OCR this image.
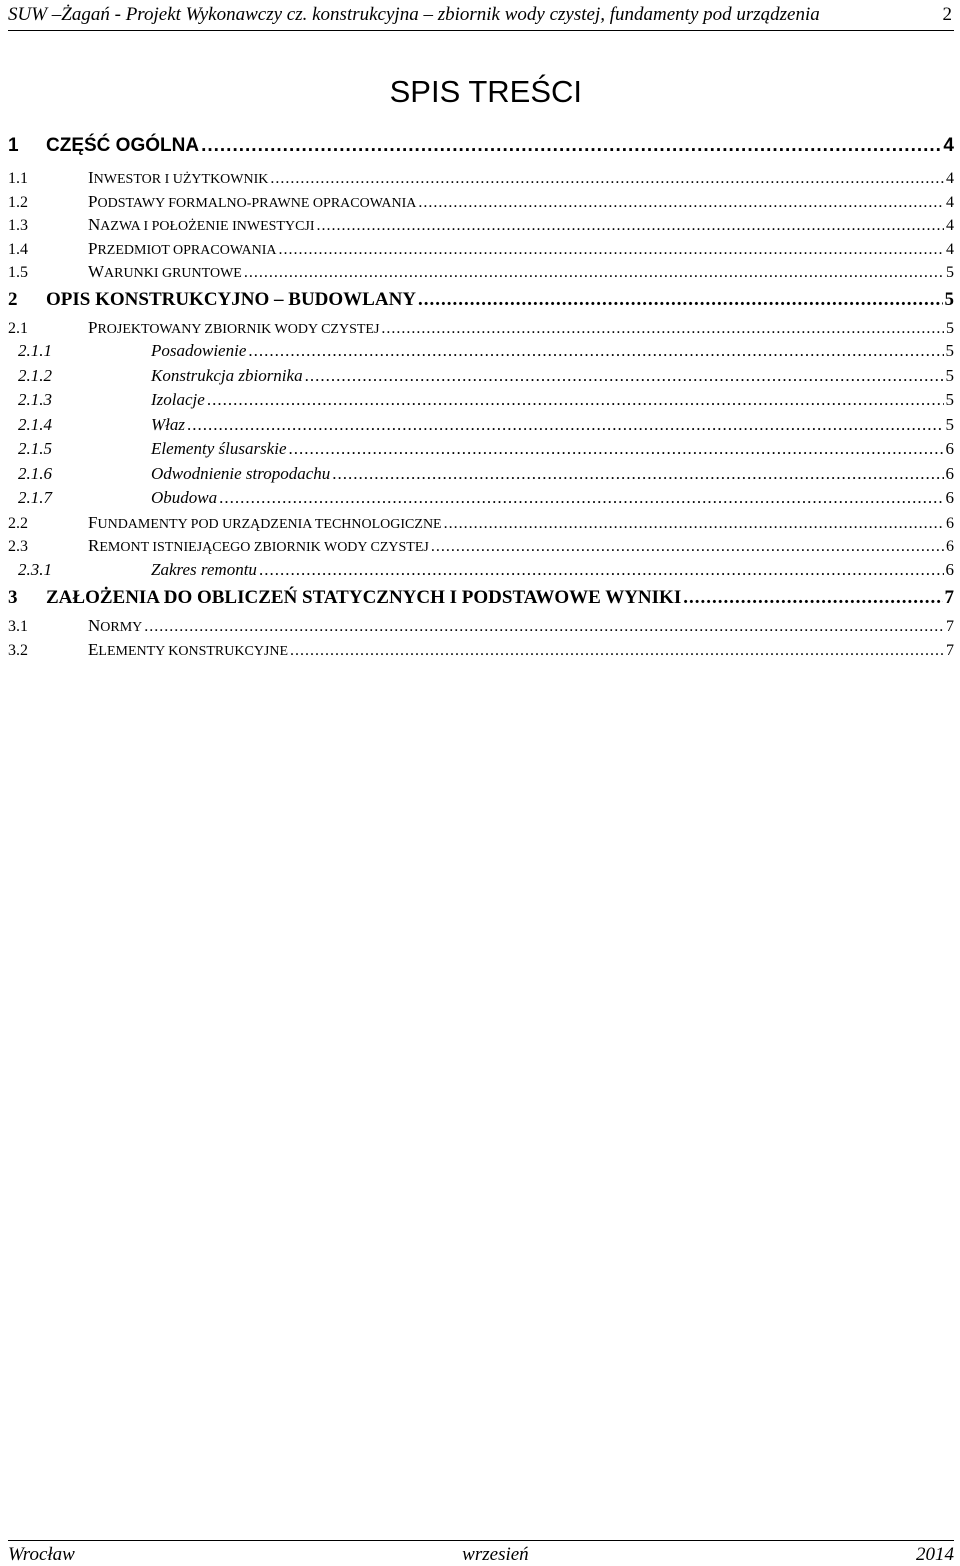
SUW –Żagań - Projekt Wykonawczy cz. konstrukcyjna – zbiornik wody czystej, fundamenty pod urządzenia	2
SPIS TREŚCI
1	CZĘŚĆ OGÓLNA .....	4
1.1	INWESTOR I UŻYTKOWNIK .....	4
1.2	PODSTAWY FORMALNO-PRAWNE OPRACOWANIA .....	4
1.3	NAZWA I POŁOŻENIE INWESTYCJI .....	4
1.4	PRZEDMIOT OPRACOWANIA .....	4
1.5	WARUNKI GRUNTOWE .....	5
2	OPIS KONSTRUKCYJNO – BUDOWLANY .....	5
2.1	PROJEKTOWANY ZBIORNIK WODY CZYSTEJ .....	5
2.1.1	Posadowienie .....	5
2.1.2	Konstrukcja zbiornika .....	5
2.1.3	Izolacje .....	5
2.1.4	Właz .....	5
2.1.5	Elementy ślusarskie .....	6
2.1.6	Odwodnienie stropodachu .....	6
2.1.7	Obudowa .....	6
2.2	FUNDAMENTY POD URZĄDZENIA TECHNOLOGICZNE .....	6
2.3	REMONT ISTNIEJĄCEGO ZBIORNIK WODY CZYSTEJ .....	6
2.3.1	Zakres remontu .....	6
3	ZAŁOŻENIA DO OBLICZEŃ STATYCZNYCH I PODSTAWOWE WYNIKI .....	7
3.1	NORMY .....	7
3.2	ELEMENTY KONSTRUKCYJNE .....	7
Wrocław	wrzesień	2014
